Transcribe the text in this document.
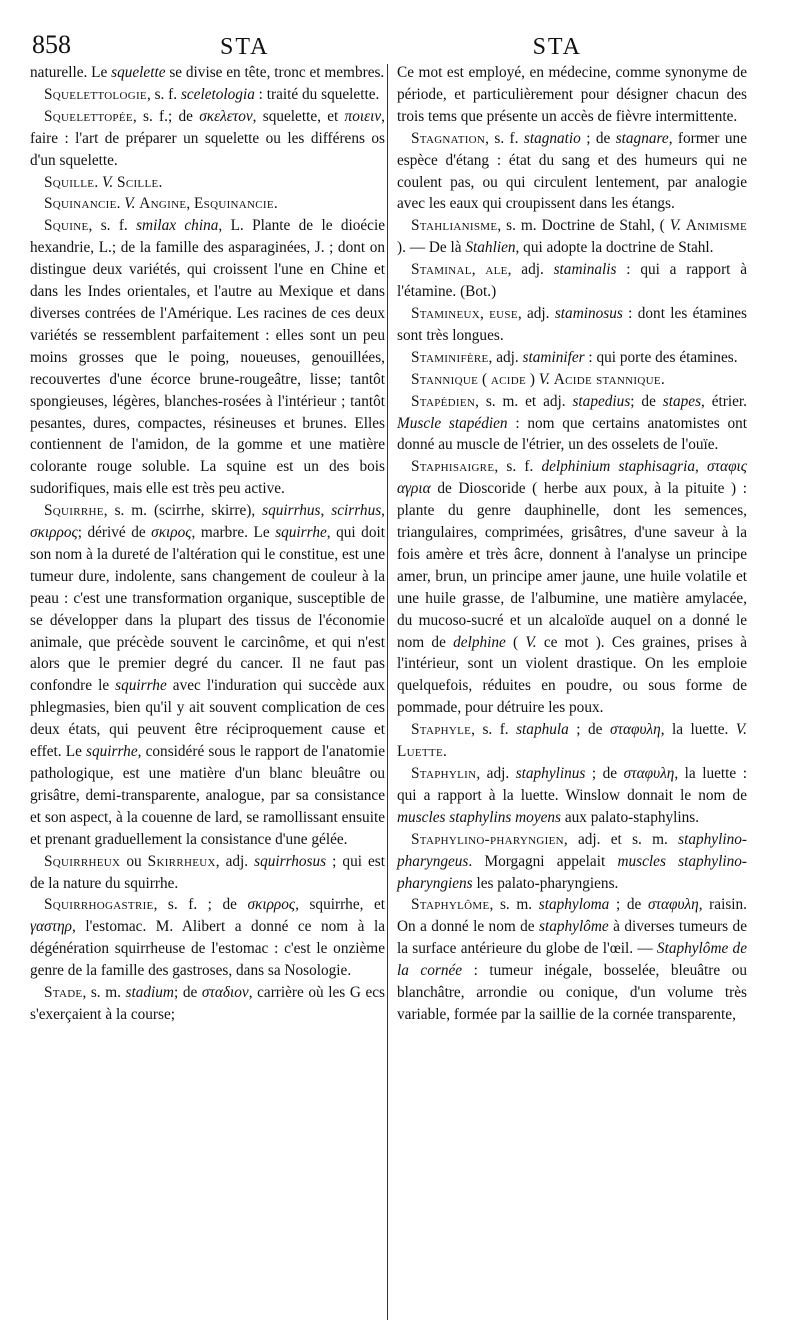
858	STA	STA

naturelle. Le squelette se divise en tête, tronc et membres.

Squelettologie, s. f. sceletologia : traité du squelette.

Squelettopée, s. f.; de σκελετον, squelette, et ποιειν, faire : l'art de préparer un squelette ou les différens os d'un squelette.

Squille. V. Scille.

Squinancie. V. Angine, Esquinancie.

Squine, s. f. smilax china, L. Plante de le dioécie hexandrie, L.; de la famille des asparaginées, J. ; dont on distingue deux variétés, qui croissent l'une en Chine et dans les Indes orientales, et l'autre au Mexique et dans diverses contrées de l'Amérique. Les racines de ces deux variétés se ressemblent parfaitement : elles sont un peu moins grosses que le poing, noueuses, genouillées, recouvertes d'une écorce brune-rougeâtre, lisse; tantôt spongieuses, légères, blanches-rosées à l'intérieur ; tantôt pesantes, dures, compactes, résineuses et brunes. Elles contiennent de l'amidon, de la gomme et une matière colorante rouge soluble. La squine est un des bois sudorifiques, mais elle est très peu active.

Squirrhe, s. m. (scirrhe, skirre), squirrhus, scirrhus, σκιρρος; dérivé de σκιρος, marbre. Le squirrhe, qui doit son nom à la dureté de l'altération qui le constitue, est une tumeur dure, indolente, sans changement de couleur à la peau : c'est une transformation organique, susceptible de se développer dans la plupart des tissus de l'économie animale, que précède souvent le carcinôme, et qui n'est alors que le premier degré du cancer. Il ne faut pas confondre le squirrhe avec l'induration qui succède aux phlegmasies, bien qu'il y ait souvent complication de ces deux états, qui peuvent être réciproquement cause et effet. Le squirrhe, considéré sous le rapport de l'anatomie pathologique, est une matière d'un blanc bleuâtre ou grisâtre, demi-transparente, analogue, par sa consistance et son aspect, à la couenne de lard, se ramollissant ensuite et prenant graduellement la consistance d'une gélée.

Squirrheux ou Skirrheux, adj. squirrhosus ; qui est de la nature du squirrhe.

Squirrhogastrie, s. f. ; de σκιρρος, squirrhe, et γαστηρ, l'estomac. M. Alibert a donné ce nom à la dégénération squirrheuse de l'estomac : c'est le onzième genre de la famille des gastroses, dans sa Nosologie.

Stade, s. m. stadium; de σταδιον, carrière où les G ecs s'exerçaient à la course;

Ce mot est employé, en médecine, comme synonyme de période, et particulièrement pour désigner chacun des trois tems que présente un accès de fièvre intermittente.

Stagnation, s. f. stagnatio ; de stagnare, former une espèce d'étang : état du sang et des humeurs qui ne coulent pas, ou qui circulent lentement, par analogie avec les eaux qui croupissent dans les étangs.

Stahlianisme, s. m. Doctrine de Stahl, ( V. Animisme ). — De là Stahlien, qui adopte la doctrine de Stahl.

Staminal, ale, adj. staminalis : qui a rapport à l'étamine. (Bot.)

Stamineux, euse, adj. staminosus : dont les étamines sont très longues.

Staminifère, adj. staminifer : qui porte des étamines.

Stannique ( acide ) V. Acide stannique.

Stapédien, s. m. et adj. stapedius; de stapes, étrier. Muscle stapédien : nom que certains anatomistes ont donné au muscle de l'étrier, un des osselets de l'ouïe.

Staphisaigre, s. f. delphinium staphisagria, σταφις αγρια de Dioscoride ( herbe aux poux, à la pituite ) : plante du genre dauphinelle, dont les semences, triangulaires, comprimées, grisâtres, d'une saveur à la fois amère et très âcre, donnent à l'analyse un principe amer, brun, un principe amer jaune, une huile volatile et une huile grasse, de l'albumine, une matière amylacée, du mucoso-sucré et un alcaloïde auquel on a donné le nom de delphine ( V. ce mot ). Ces graines, prises à l'intérieur, sont un violent drastique. On les emploie quelquefois, réduites en poudre, ou sous forme de pommade, pour détruire les poux.

Staphyle, s. f. staphula ; de σταφυλη, la luette. V. Luette.

Staphylin, adj. staphylinus ; de σταφυλη, la luette : qui a rapport à la luette. Winslow donnait le nom de muscles staphylins moyens aux palato-staphylins.

Staphylino-pharyngien, adj. et s. m. staphylino-pharyngeus. Morgagni appelait muscles staphylino-pharyngiens les palato-pharyngiens.

Staphylôme, s. m. staphyloma ; de σταφυλη, raisin. On a donné le nom de staphylôme à diverses tumeurs de la surface antérieure du globe de l'œil. — Staphylôme de la cornée : tumeur inégale, bosselée, bleuâtre ou blanchâtre, arrondie ou conique, d'un volume très variable, formée par la saillie de la cornée transparente,
